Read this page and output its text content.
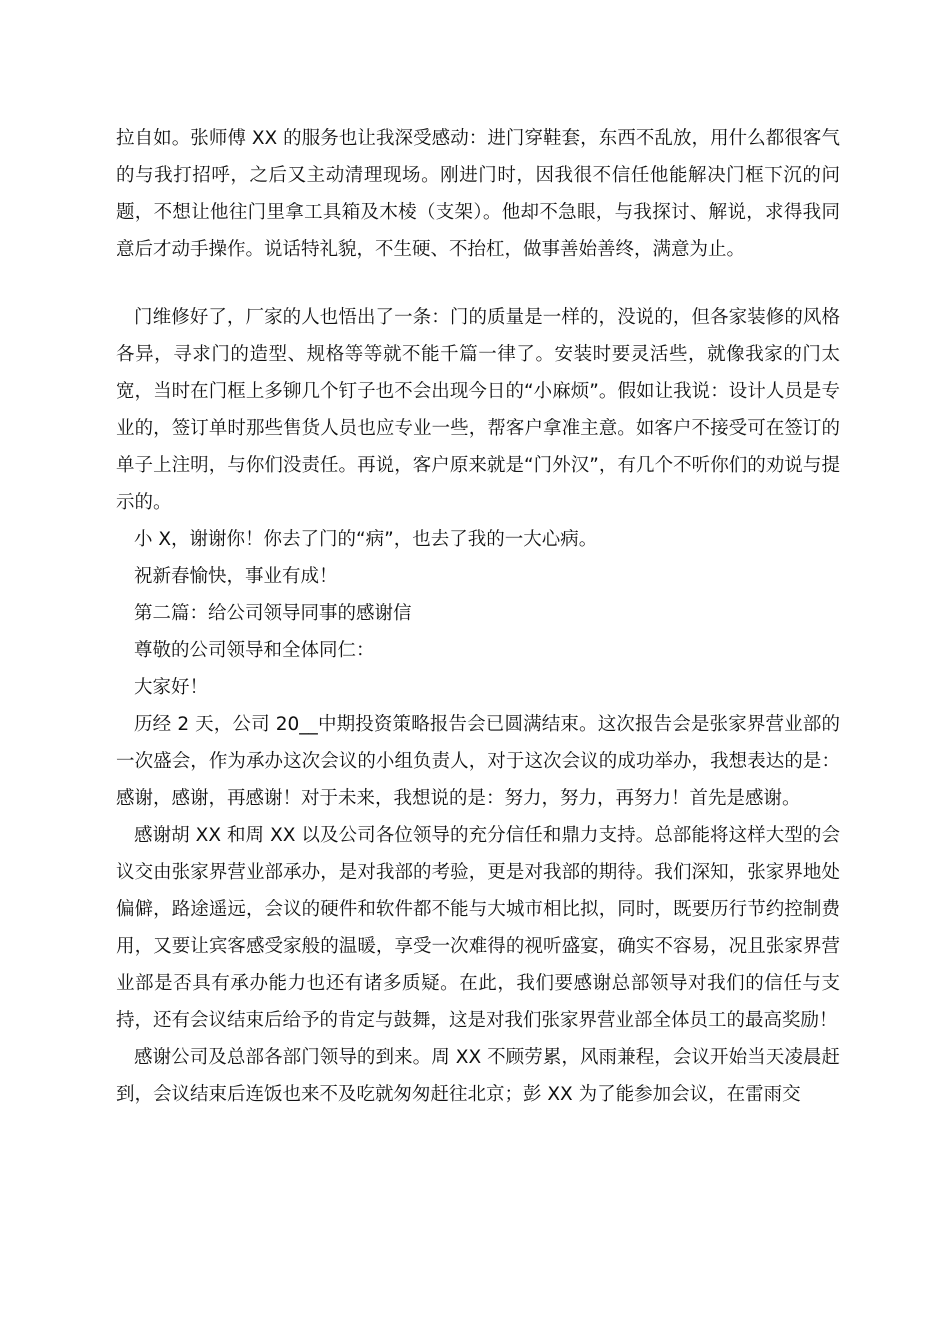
拉自如。张师傅 XX 的服务也让我深受感动：进门穿鞋套，东西不乱放，用什么都很客气的与我打招呼，之后又主动清理现场。刚进门时，因我很不信任他能解决门框下沉的问题，不想让他往门里拿工具箱及木棱（支架）。他却不急眼，与我探讨、解说，求得我同意后才动手操作。说话特礼貌，不生硬、不抬杠，做事善始善终，满意为止。

门维修好了，厂家的人也悟出了一条：门的质量是一样的，没说的，但各家装修的风格各异，寻求门的造型、规格等等就不能千篇一律了。安装时要灵活些，就像我家的门太宽，当时在门框上多铆几个钉子也不会出现今日的“小麻烦”。假如让我说：设计人员是专业的，签订单时那些售货人员也应专业一些，帮客户拿准主意。如客户不接受可在签订的单子上注明，与你们没责任。再说，客户原来就是“门外汉”，有几个不听你们的劝说与提示的。

小 X，谢谢你！你去了门的“病”，也去了我的一大心病。

祝新春愉快，事业有成！

第二篇：给公司领导同事的感谢信

尊敬的公司领导和全体同仁：

大家好！

历经 2 天，公司 20__中期投资策略报告会已圆满结束。这次报告会是张家界营业部的一次盛会，作为承办这次会议的小组负责人，对于这次会议的成功举办，我想表达的是：感谢，感谢，再感谢！对于未来，我想说的是：努力，努力，再努力！首先是感谢。

感谢胡 XX 和周 XX 以及公司各位领导的充分信任和鼎力支持。总部能将这样大型的会议交由张家界营业部承办，是对我部的考验，更是对我部的期待。我们深知，张家界地处偏僻，路途遥远，会议的硬件和软件都不能与大城市相比拟，同时，既要历行节约控制费用，又要让宾客感受家般的温暖，享受一次难得的视听盛宴，确实不容易，况且张家界营业部是否具有承办能力也还有诸多质疑。在此，我们要感谢总部领导对我们的信任与支持，还有会议结束后给予的肯定与鼓舞，这是对我们张家界营业部全体员工的最高奖励！

感谢公司及总部各部门领导的到来。周 XX 不顾劳累，风雨兼程，会议开始当天凌晨赶到，会议结束后连饭也来不及吃就匆匆赶往北京；彭 XX 为了能参加会议，在雷雨交
